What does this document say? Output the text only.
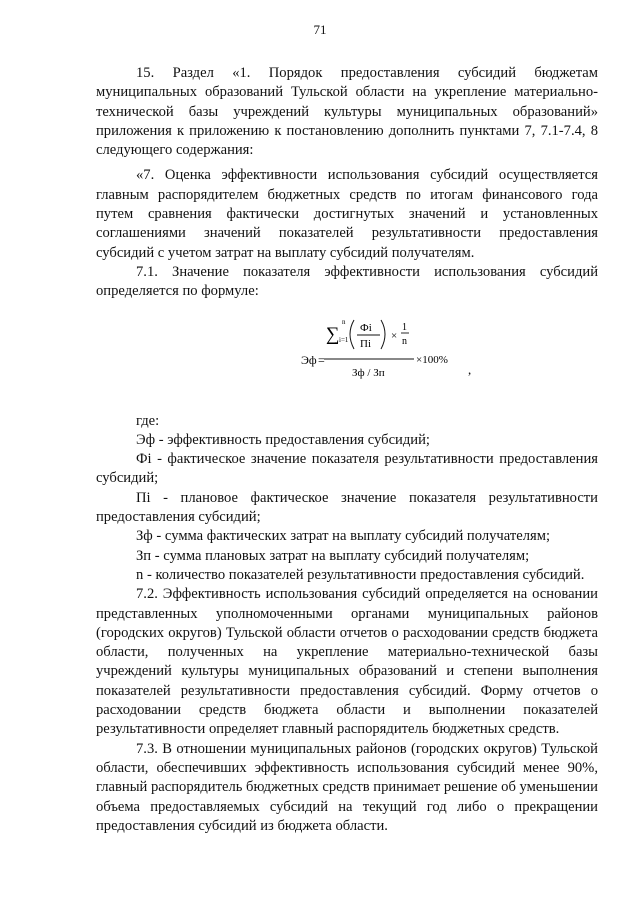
71

15. Раздел «1. Порядок предоставления субсидий бюджетам муниципальных образований Тульской области на укрепление материально-технической базы учреждений культуры муниципальных образований» приложения к приложению к постановлению дополнить пунктами 7, 7.1-7.4, 8 следующего содержания:

«7. Оценка эффективности использования субсидий осуществляется главным распорядителем бюджетных средств по итогам финансового года путем сравнения фактически достигнутых значений и установленных соглашениями значений показателей результативности предоставления субсидий с учетом затрат на выплату субсидий получателям.

7.1. Значение показателя эффективности использования субсидий определяется по формуле:

Эф =
∑
n
i=1
Фi
Пi
×
1
n
Зф / Зп
×100%
,

где:

Эф - эффективность предоставления субсидий;

Фi - фактическое значение показателя результативности предоставления субсидий;

Пi - плановое фактическое значение показателя результативности предоставления субсидий;

Зф - сумма фактических затрат на выплату субсидий получателям;

Зп - сумма плановых затрат на выплату субсидий получателям;

n - количество показателей результативности предоставления субсидий.

7.2. Эффективность использования субсидий определяется на основании представленных уполномоченными органами муниципальных районов (городских округов) Тульской области отчетов о расходовании средств бюджета области, полученных на укрепление материально-технической базы учреждений культуры муниципальных образований и степени выполнения показателей результативности предоставления субсидий. Форму отчетов о расходовании средств бюджета области и выполнении показателей результативности определяет главный распорядитель бюджетных средств.

7.3. В отношении муниципальных районов (городских округов) Тульской области, обеспечивших эффективность использования субсидий менее 90%, главный распорядитель бюджетных средств принимает решение об уменьшении объема предоставляемых субсидий на текущий год либо о прекращении предоставления субсидий из бюджета области.
